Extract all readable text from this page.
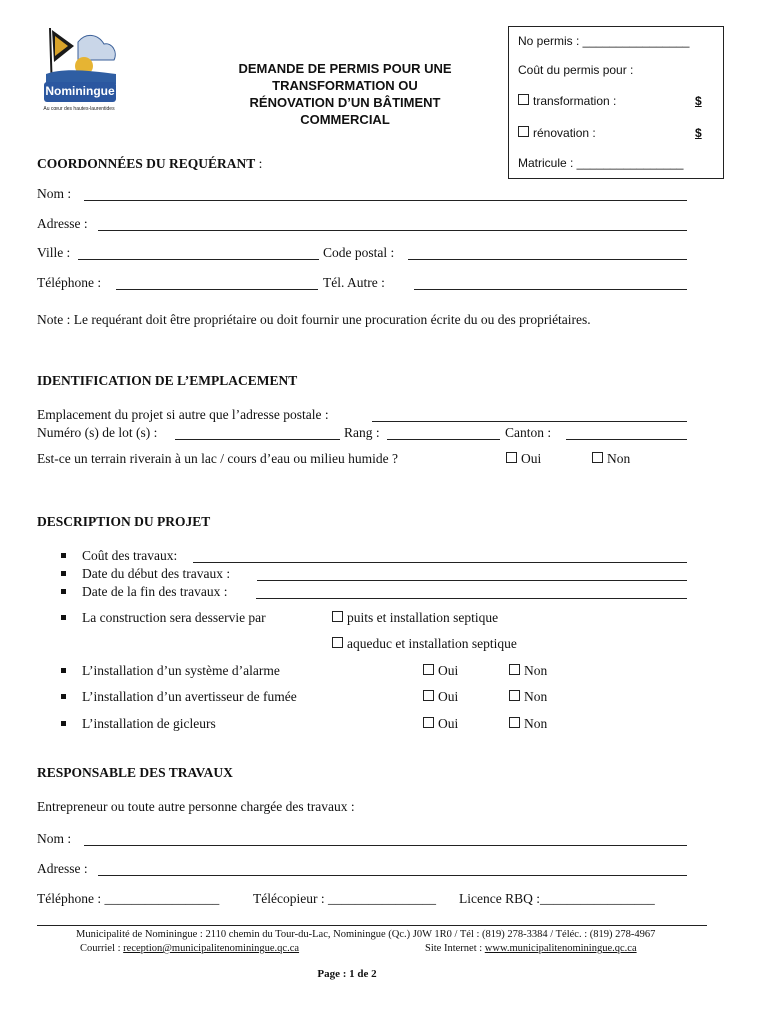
Nominingue
Au cœur des hautes-laurentides
DEMANDE DE PERMIS POUR UNE
TRANSFORMATION OU
RÉNOVATION D’UN BÂTIMENT
COMMERCIAL
No permis : ________________
Coût du permis pour :
transformation :	$
rénovation :	$
Matricule : ________________
COORDONNÉES DU REQUÉRANT :
Nom :
Adresse :
Ville :	Code postal :
Téléphone :	Tél. Autre :
Note : Le requérant doit être propriétaire ou doit fournir une procuration écrite du ou des propriétaires.
IDENTIFICATION DE L’EMPLACEMENT
Emplacement du projet si autre que l’adresse postale :
Numéro (s) de lot (s) :	Rang :	Canton :
Est-ce un terrain riverain à un lac / cours d’eau ou milieu humide ?	Oui	Non
DESCRIPTION DU PROJET
Coût des travaux:
Date du début des travaux :
Date de la fin des travaux :
La construction sera desservie par	puits et installation septique
aqueduc et installation septique
L’installation d’un système d’alarme	Oui	Non
L’installation d’un avertisseur de fumée	Oui	Non
L’installation de gicleurs	Oui	Non
RESPONSABLE DES TRAVAUX
Entrepreneur ou toute autre personne chargée des travaux :
Nom :
Adresse :
Téléphone : _________________	Télécopieur : ________________ Licence RBQ :_________________
Municipalité de Nominingue : 2110 chemin du Tour-du-Lac, Nominingue (Qc.) J0W 1R0 / Tél : (819) 278-3384 / Téléc. : (819) 278-4967
Courriel : reception@municipalitenominingue.qc.ca	Site Internet : www.municipalitenominingue.qc.ca
Page : 1 de 2
